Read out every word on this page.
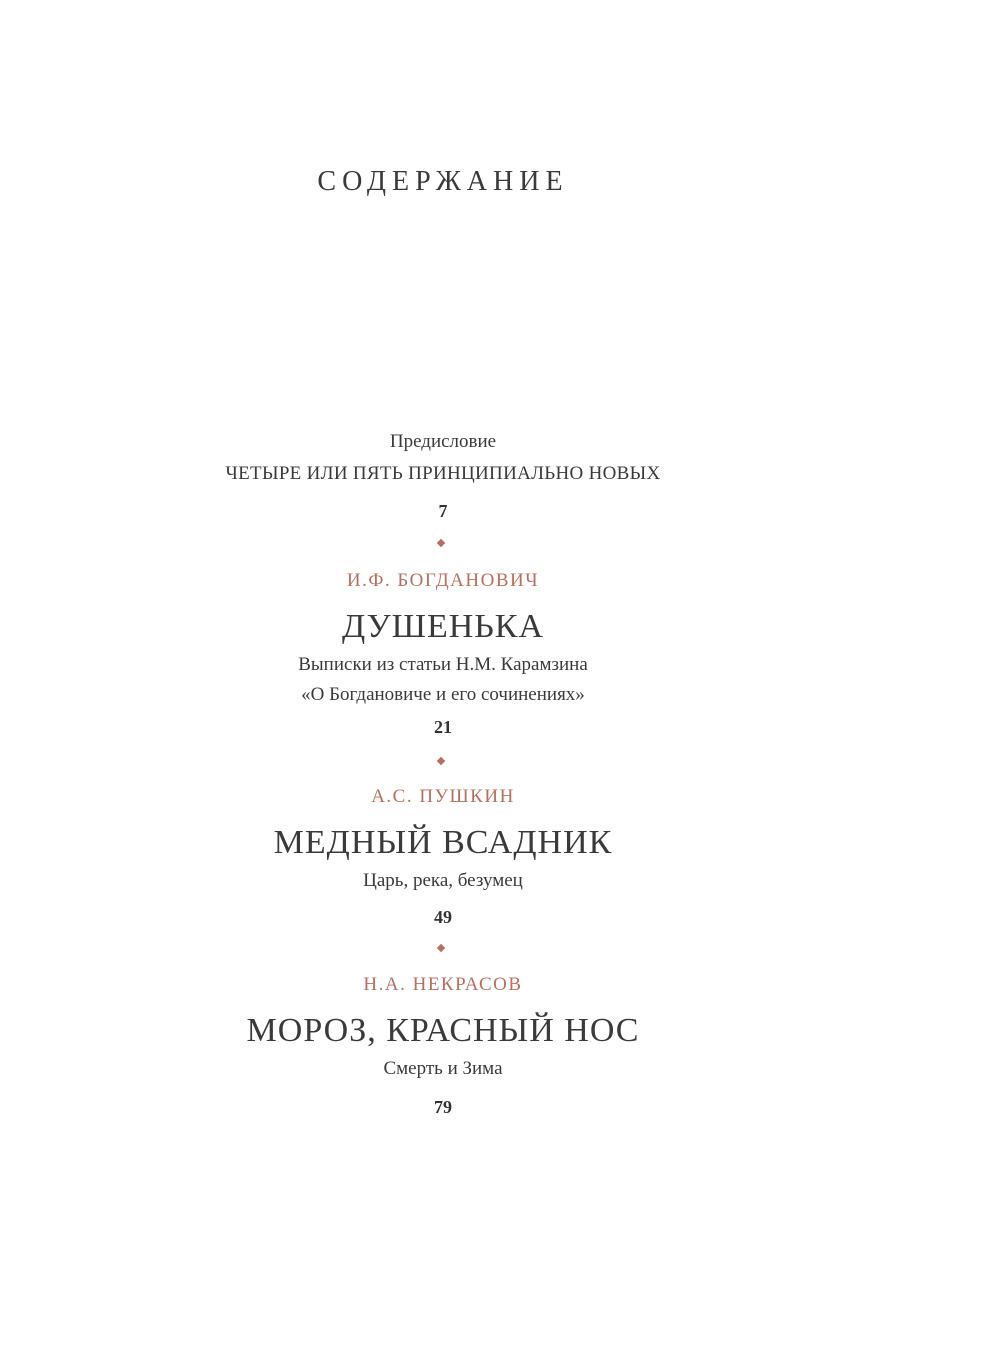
СОДЕРЖАНИЕ
Предисловие
ЧЕТЫРЕ ИЛИ ПЯТЬ ПРИНЦИПИАЛЬНО НОВЫХ
7
И.Ф. БОГДАНОВИЧ
ДУШЕНЬКА
Выписки из статьи Н.М. Карамзина
«О Богдановиче и его сочинениях»
21
А.С. ПУШКИН
МЕДНЫЙ ВСАДНИК
Царь, река, безумец
49
Н.А. НЕКРАСОВ
МОРОЗ, КРАСНЫЙ НОС
Смерть и Зима
79
